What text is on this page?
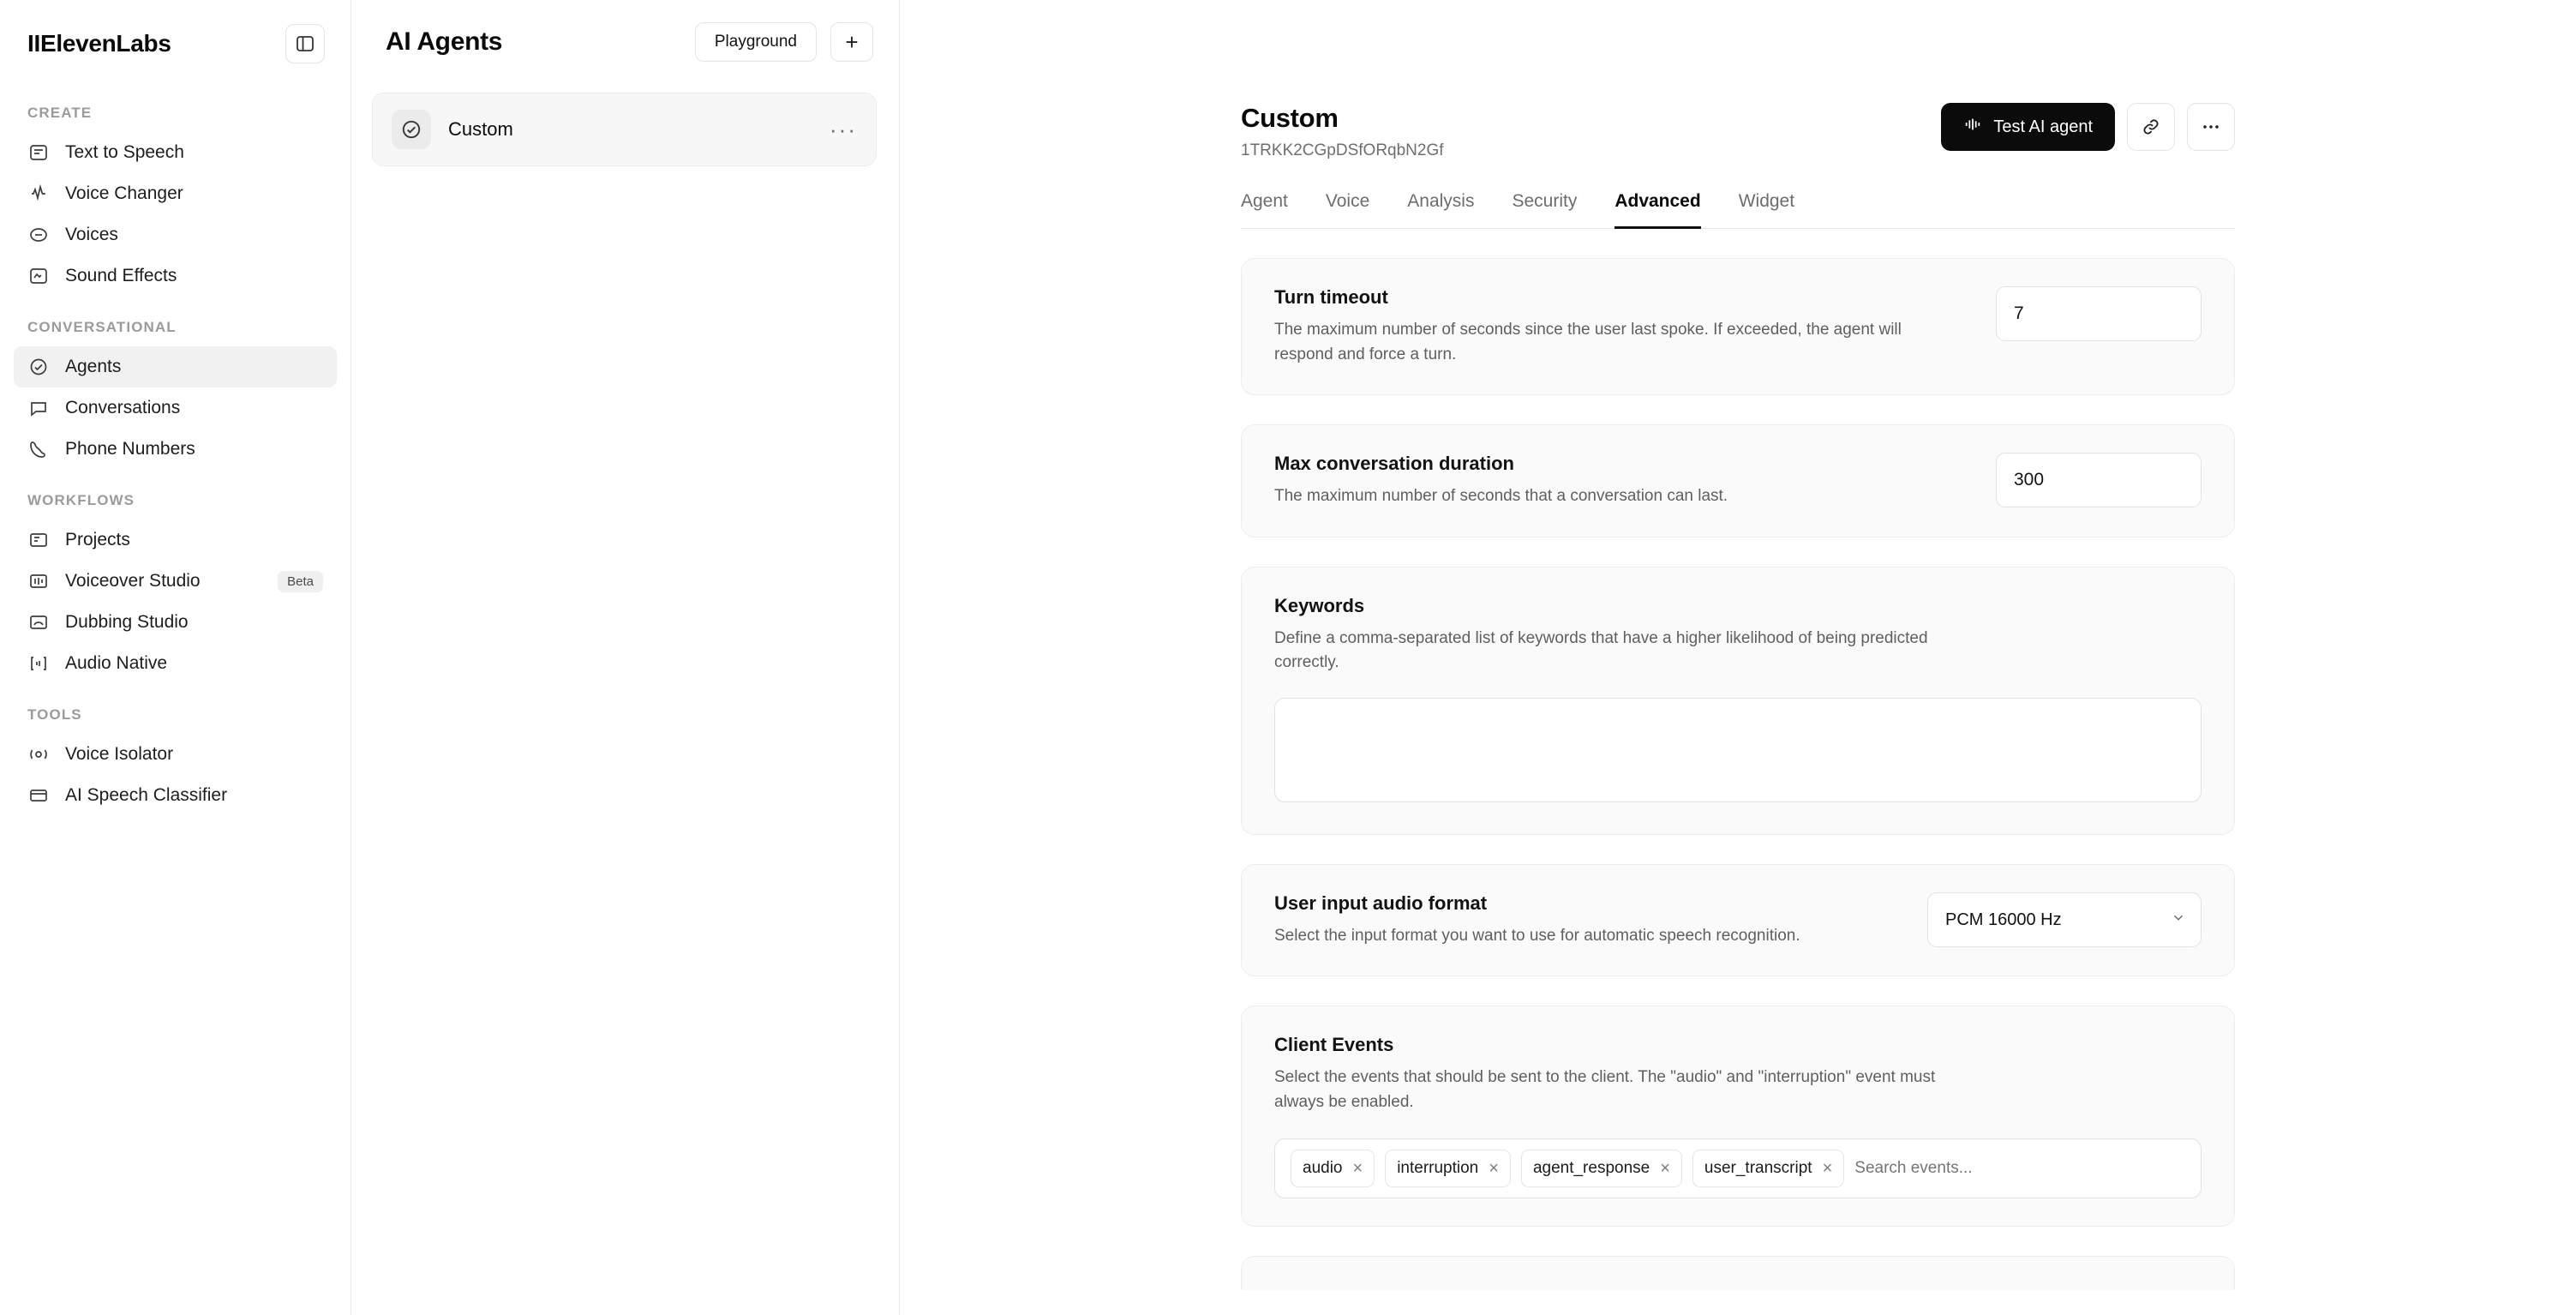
IIElevenLabs
CREATE
Text to Speech
Voice Changer
Voices
Sound Effects
CONVERSATIONAL
Agents
Conversations
Phone Numbers
WORKFLOWS
Projects
Voiceover Studio	Beta
Dubbing Studio
Audio Native
TOOLS
Voice Isolator
AI Speech Classifier
AI Agents	Playground	+
Custom	···	Custom
1TRKK2CGpDSfORqbN2Gf
Test AI agent
Agent Voice Analysis Security Advanced Widget
Turn timeout
The maximum number of seconds since the user last spoke. If exceeded, the agent will respond and force a turn.
7
Max conversation duration
The maximum number of seconds that a conversation can last.
300
Keywords
Define a comma-separated list of keywords that have a higher likelihood of being predicted correctly.
User input audio format
Select the input format you want to use for automatic speech recognition.
PCM 16000 Hz
Client Events
Select the events that should be sent to the client. The "audio" and "interruption" event must always be enabled.
audio × interruption × agent_response × user_transcript ×
Search events...
